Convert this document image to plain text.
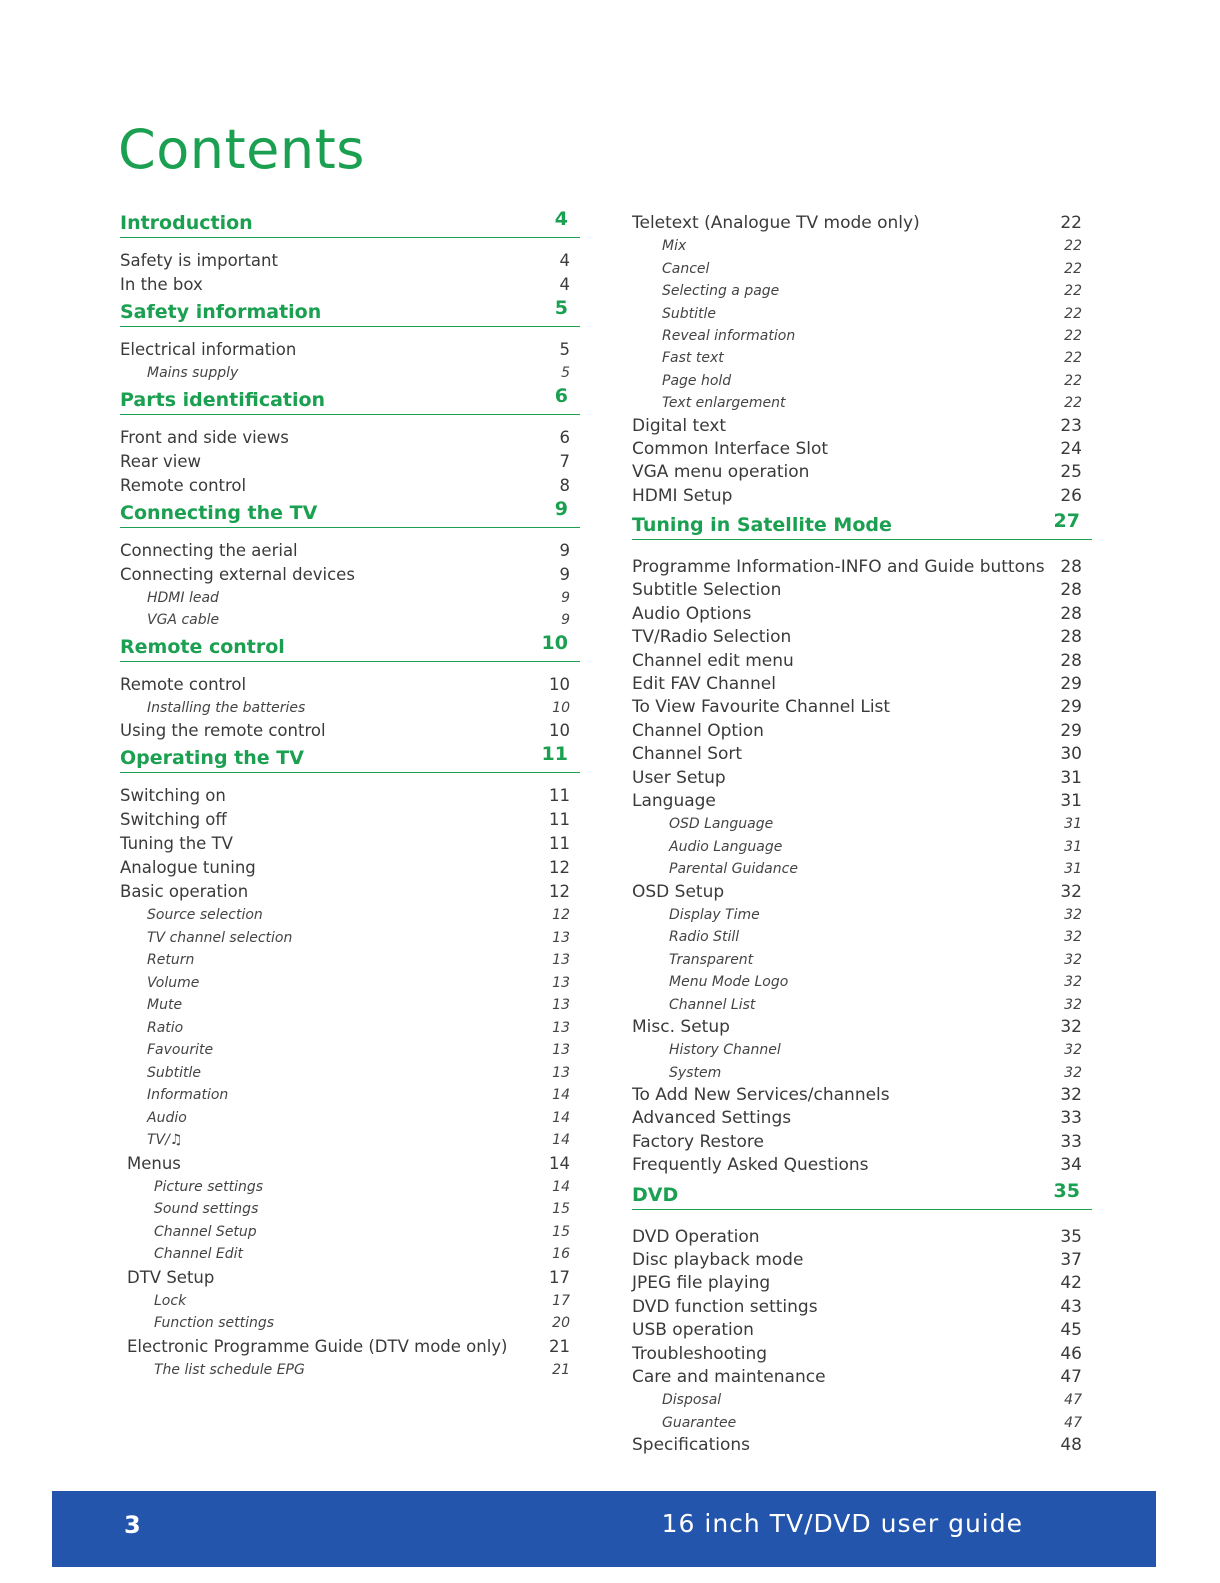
Contents
Introduction	4
Safety is important	4
In the box	4
Safety information	5
Electrical information	5
Mains supply	5
Parts identification	6
Front and side views	6
Rear view	7
Remote control	8
Connecting the TV	9
Connecting the aerial	9
Connecting external devices	9
HDMI lead	9
VGA cable	9
Remote control	10
Remote control	10
Installing the batteries	10
Using the remote control	10
Operating the TV	11
Switching on	11
Switching off	11
Tuning the TV	11
Analogue tuning	12
Basic operation	12
Source selection	12
TV channel selection	13
Return	13
Volume	13
Mute	13
Ratio	13
Favourite	13
Subtitle	13
Information	14
Audio	14
TV/♫	14
Menus	14
Picture settings	14
Sound settings	15
Channel Setup	15
Channel Edit	16
DTV Setup	17
Lock	17
Function settings	20
Electronic Programme Guide (DTV mode only)	21
The list schedule EPG	21
Teletext (Analogue TV mode only)	22
Mix	22
Cancel	22
Selecting a page	22
Subtitle	22
Reveal information	22
Fast text	22
Page hold	22
Text enlargement	22
Digital text	23
Common Interface Slot	24
VGA menu operation	25
HDMI Setup	26
Tuning in Satellite Mode	27
Programme Information-INFO and Guide buttons 28
Subtitle Selection	28
Audio Options	28
TV/Radio Selection	28
Channel edit menu	28
Edit FAV Channel	29
To View Favourite Channel List	29
Channel Option	29
Channel Sort	30
User Setup	31
Language	31
OSD Language	31
Audio Language	31
Parental Guidance	31
OSD Setup	32
Display Time	32
Radio Still	32
Transparent	32
Menu Mode Logo	32
Channel List	32
Misc. Setup	32
History Channel	32
System	32
To Add New Services/channels	32
Advanced Settings	33
Factory Restore	33
Frequently Asked Questions	34
DVD	35
DVD Operation	35
Disc playback mode	37
JPEG file playing	42
DVD function settings	43
USB operation	45
Troubleshooting	46
Care and maintenance	47
Disposal	47
Guarantee	47
Specifications	48
3	16 inch TV/DVD user guide
